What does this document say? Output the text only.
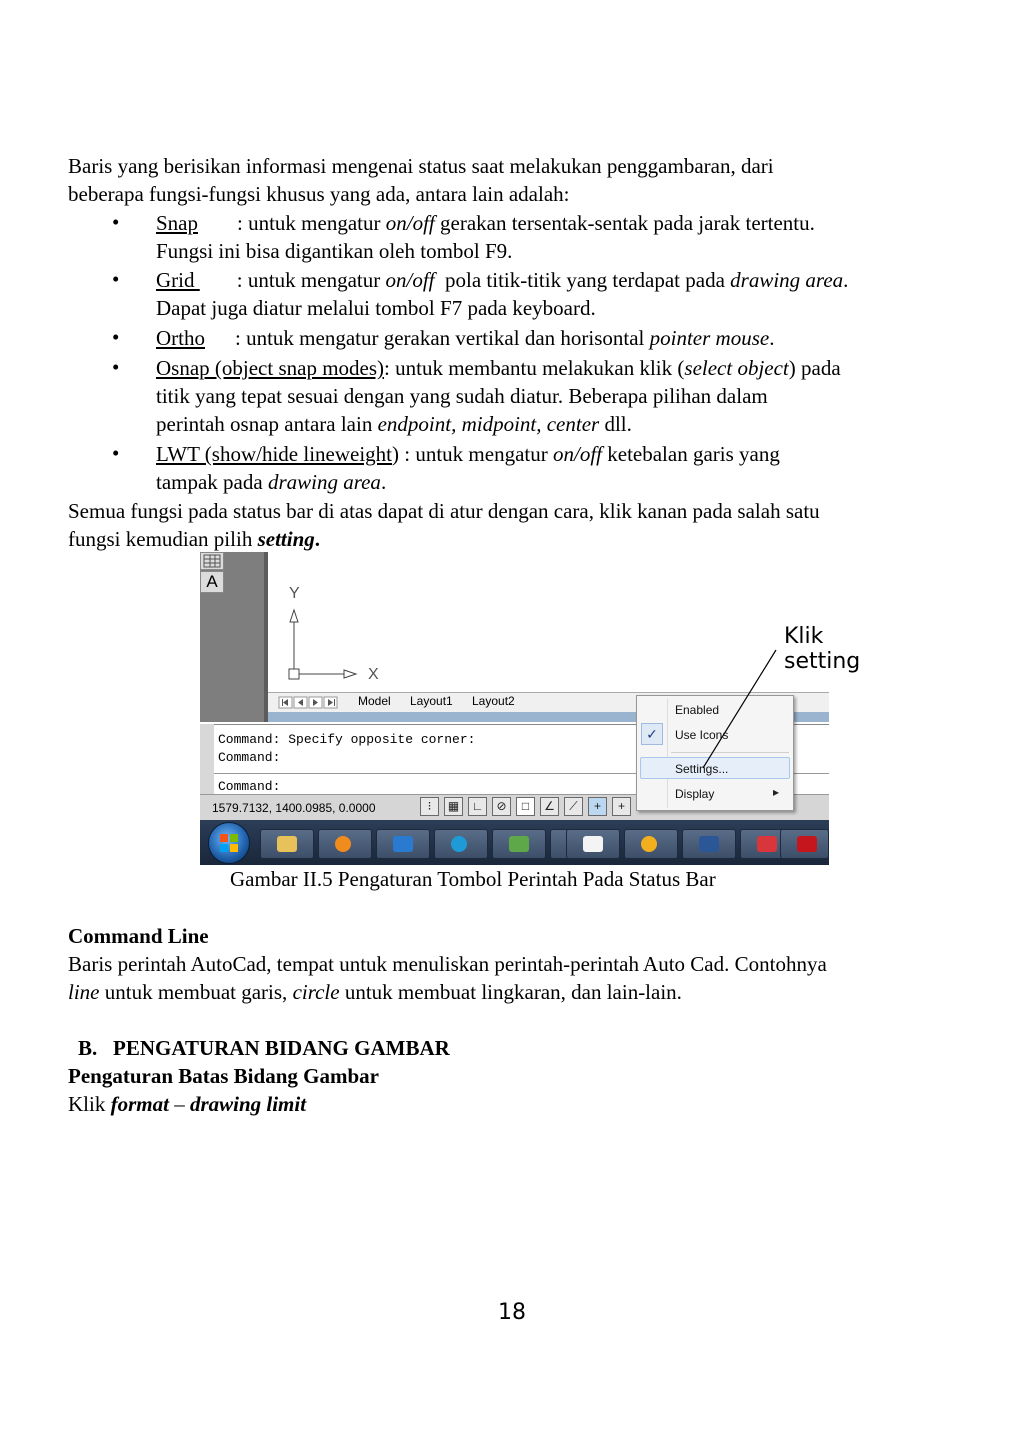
Baris yang berisikan informasi mengenai status saat melakukan penggambaran, dari
beberapa fungsi-fungsi khusus yang ada, antara lain adalah:
• Snap : untuk mengatur on/off gerakan tersentak-sentak pada jarak tertentu.
Fungsi ini bisa digantikan oleh tombol F9.
• Grid : untuk mengatur on/off  pola titik-titik yang terdapat pada drawing area.
Dapat juga diatur melalui tombol F7 pada keyboard.
• Ortho : untuk mengatur gerakan vertikal dan horisontal pointer mouse.
• Osnap (object snap modes): untuk membantu melakukan klik (select object) pada
titik yang tepat sesuai dengan yang sudah diatur. Beberapa pilihan dalam
perintah osnap antara lain endpoint, midpoint, center dll.
• LWT (show/hide lineweight) : untuk mengatur on/off ketebalan garis yang
tampak pada drawing area.
Semua fungsi pada status bar di atas dapat di atur dengan cara, klik kanan pada salah satu
fungsi kemudian pilih setting.
A
Y
X
Model Layout1 Layout2
Command: Specify opposite corner:
Command:
Command:
1579.7132, 1400.0985, 0.0000	⁝	▦	∟	⊘	□	∠	⟋	+	+
Enabled
✓	Use Icons
Settings...
Display	▸
Klik setting
Gambar II.5 Pengaturan Tombol Perintah Pada Status Bar
Command Line
Baris perintah AutoCad, tempat untuk menuliskan perintah-perintah Auto Cad. Contohnya
line untuk membuat garis, circle untuk membuat lingkaran, dan lain-lain.
B.   PENGATURAN BIDANG GAMBAR
Pengaturan Batas Bidang Gambar
Klik format – drawing limit
18
